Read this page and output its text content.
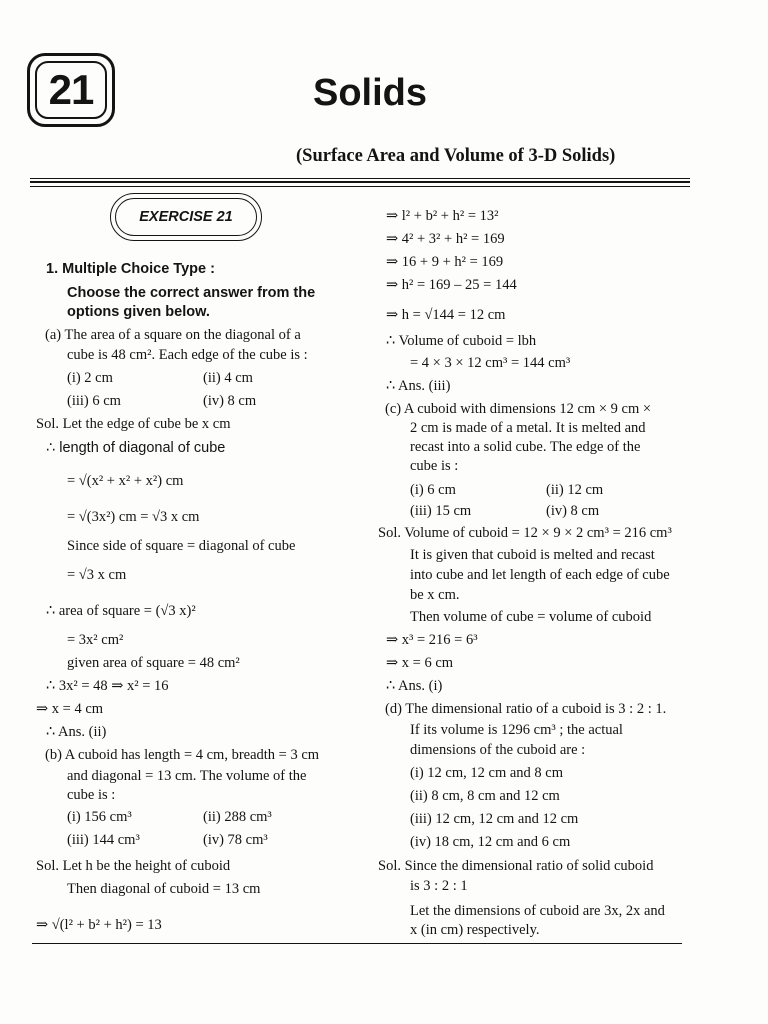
21	Solids
(Surface Area and Volume of 3-D Solids)
EXERCISE 21
1. Multiple Choice Type :
Choose the correct answer from the
options given below.
(a) The area of a square on the diagonal of a
cube is 48 cm². Each edge of the cube is :
(i) 2 cm	(ii) 4 cm
(iii) 6 cm	(iv) 8 cm
Sol. Let the edge of cube be x cm
∴ length of diagonal of cube
= √(x² + x² + x²) cm
= √(3x²) cm = √3 x cm
Since side of square = diagonal of cube
= √3 x cm
∴ area of square = (√3 x)²
= 3x² cm²
given area of square = 48 cm²
∴ 3x² = 48 ⇒ x² = 16
⇒ x = 4 cm
∴ Ans. (ii)
(b) A cuboid has length = 4 cm, breadth = 3 cm
and diagonal = 13 cm. The volume of the
cube is :
(i) 156 cm³	(ii) 288 cm³
(iii) 144 cm³	(iv) 78 cm³
Sol. Let h be the height of cuboid
Then diagonal of cuboid = 13 cm
⇒ √(l² + b² + h²) = 13
⇒ l² + b² + h² = 13²
⇒ 4² + 3² + h² = 169
⇒ 16 + 9 + h² = 169
⇒ h² = 169 – 25 = 144
⇒ h = √144 = 12 cm
∴ Volume of cuboid = lbh
= 4 × 3 × 12 cm³ = 144 cm³
∴ Ans. (iii)
(c) A cuboid with dimensions 12 cm × 9 cm ×
2 cm is made of a metal. It is melted and
recast into a solid cube. The edge of the
cube is :
(i) 6 cm	(ii) 12 cm
(iii) 15 cm	(iv) 8 cm
Sol. Volume of cuboid = 12 × 9 × 2 cm³ = 216 cm³
It is given that cuboid is melted and recast
into cube and let length of each edge of cube
be x cm.
Then volume of cube = volume of cuboid
⇒ x³ = 216 = 6³
⇒ x = 6 cm
∴ Ans. (i)
(d) The dimensional ratio of a cuboid is 3 : 2 : 1.
If its volume is 1296 cm³ ; the actual
dimensions of the cuboid are :
(i) 12 cm, 12 cm and 8 cm
(ii) 8 cm, 8 cm and 12 cm
(iii) 12 cm, 12 cm and 12 cm
(iv) 18 cm, 12 cm and 6 cm
Sol. Since the dimensional ratio of solid cuboid
is 3 : 2 : 1
Let the dimensions of cuboid are 3x, 2x and
x (in cm) respectively.
